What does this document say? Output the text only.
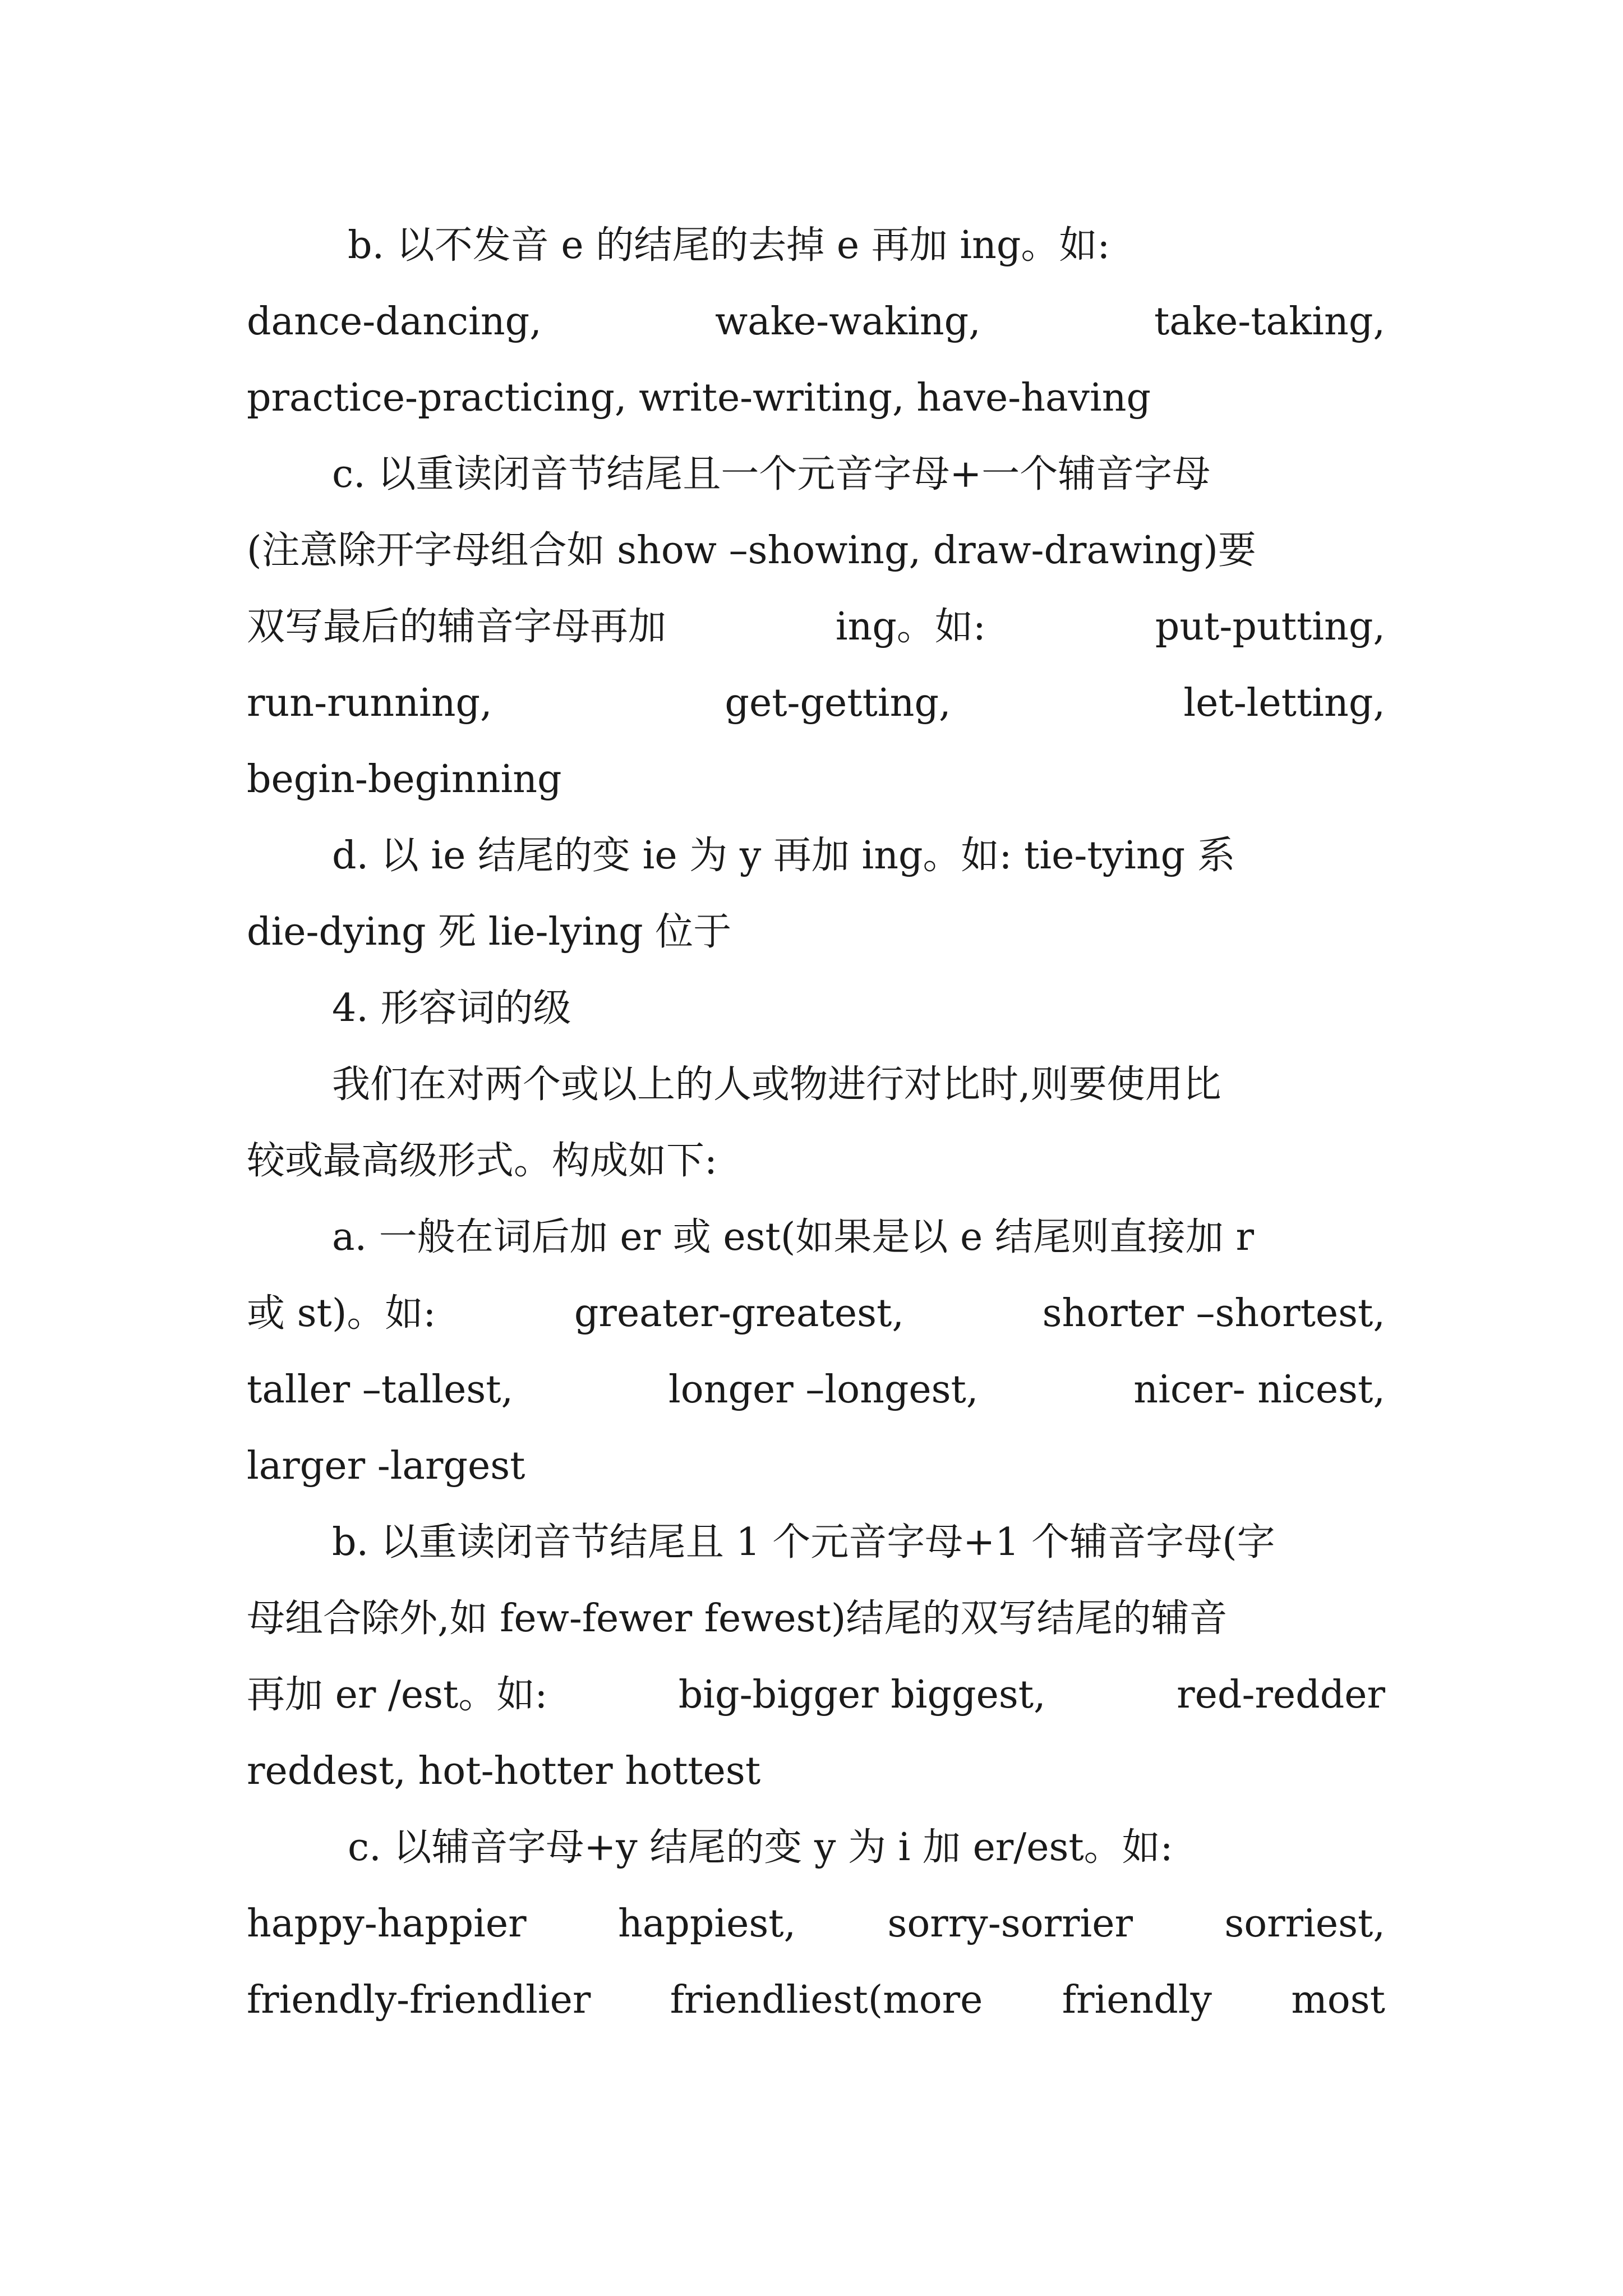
b. 以不发音 e 的结尾的去掉 e 再加 ing。如:
dance-dancing,	wake-waking,	take-taking,
practice-practicing, write-writing, have-having
c. 以重读闭音节结尾且一个元音字母+一个辅音字母
(注意除开字母组合如 show –showing, draw-drawing)要
双写最后的辅音字母再加	ing。如:	put-putting,
run-running,	get-getting,	let-letting,
begin-beginning
d. 以 ie 结尾的变 ie 为 y 再加 ing。如: tie-tying 系
die-dying 死 lie-lying 位于
4. 形容词的级
我们在对两个或以上的人或物进行对比时,则要使用比
较或最高级形式。构成如下:
a. 一般在词后加 er 或 est(如果是以 e 结尾则直接加 r
或 st)。如:	greater-greatest,	shorter –shortest,
taller –tallest,	longer –longest,	nicer- nicest,
larger -largest
b. 以重读闭音节结尾且 1 个元音字母+1 个辅音字母(字
母组合除外,如 few-fewer fewest)结尾的双写结尾的辅音
再加 er /est。如:	big-bigger biggest,	red-redder
reddest, hot-hotter hottest
c. 以辅音字母+y 结尾的变 y 为 i 加 er/est。如:
happy-happier happiest, sorry-sorrier sorriest,
friendly-friendlier friendliest(more friendly most
